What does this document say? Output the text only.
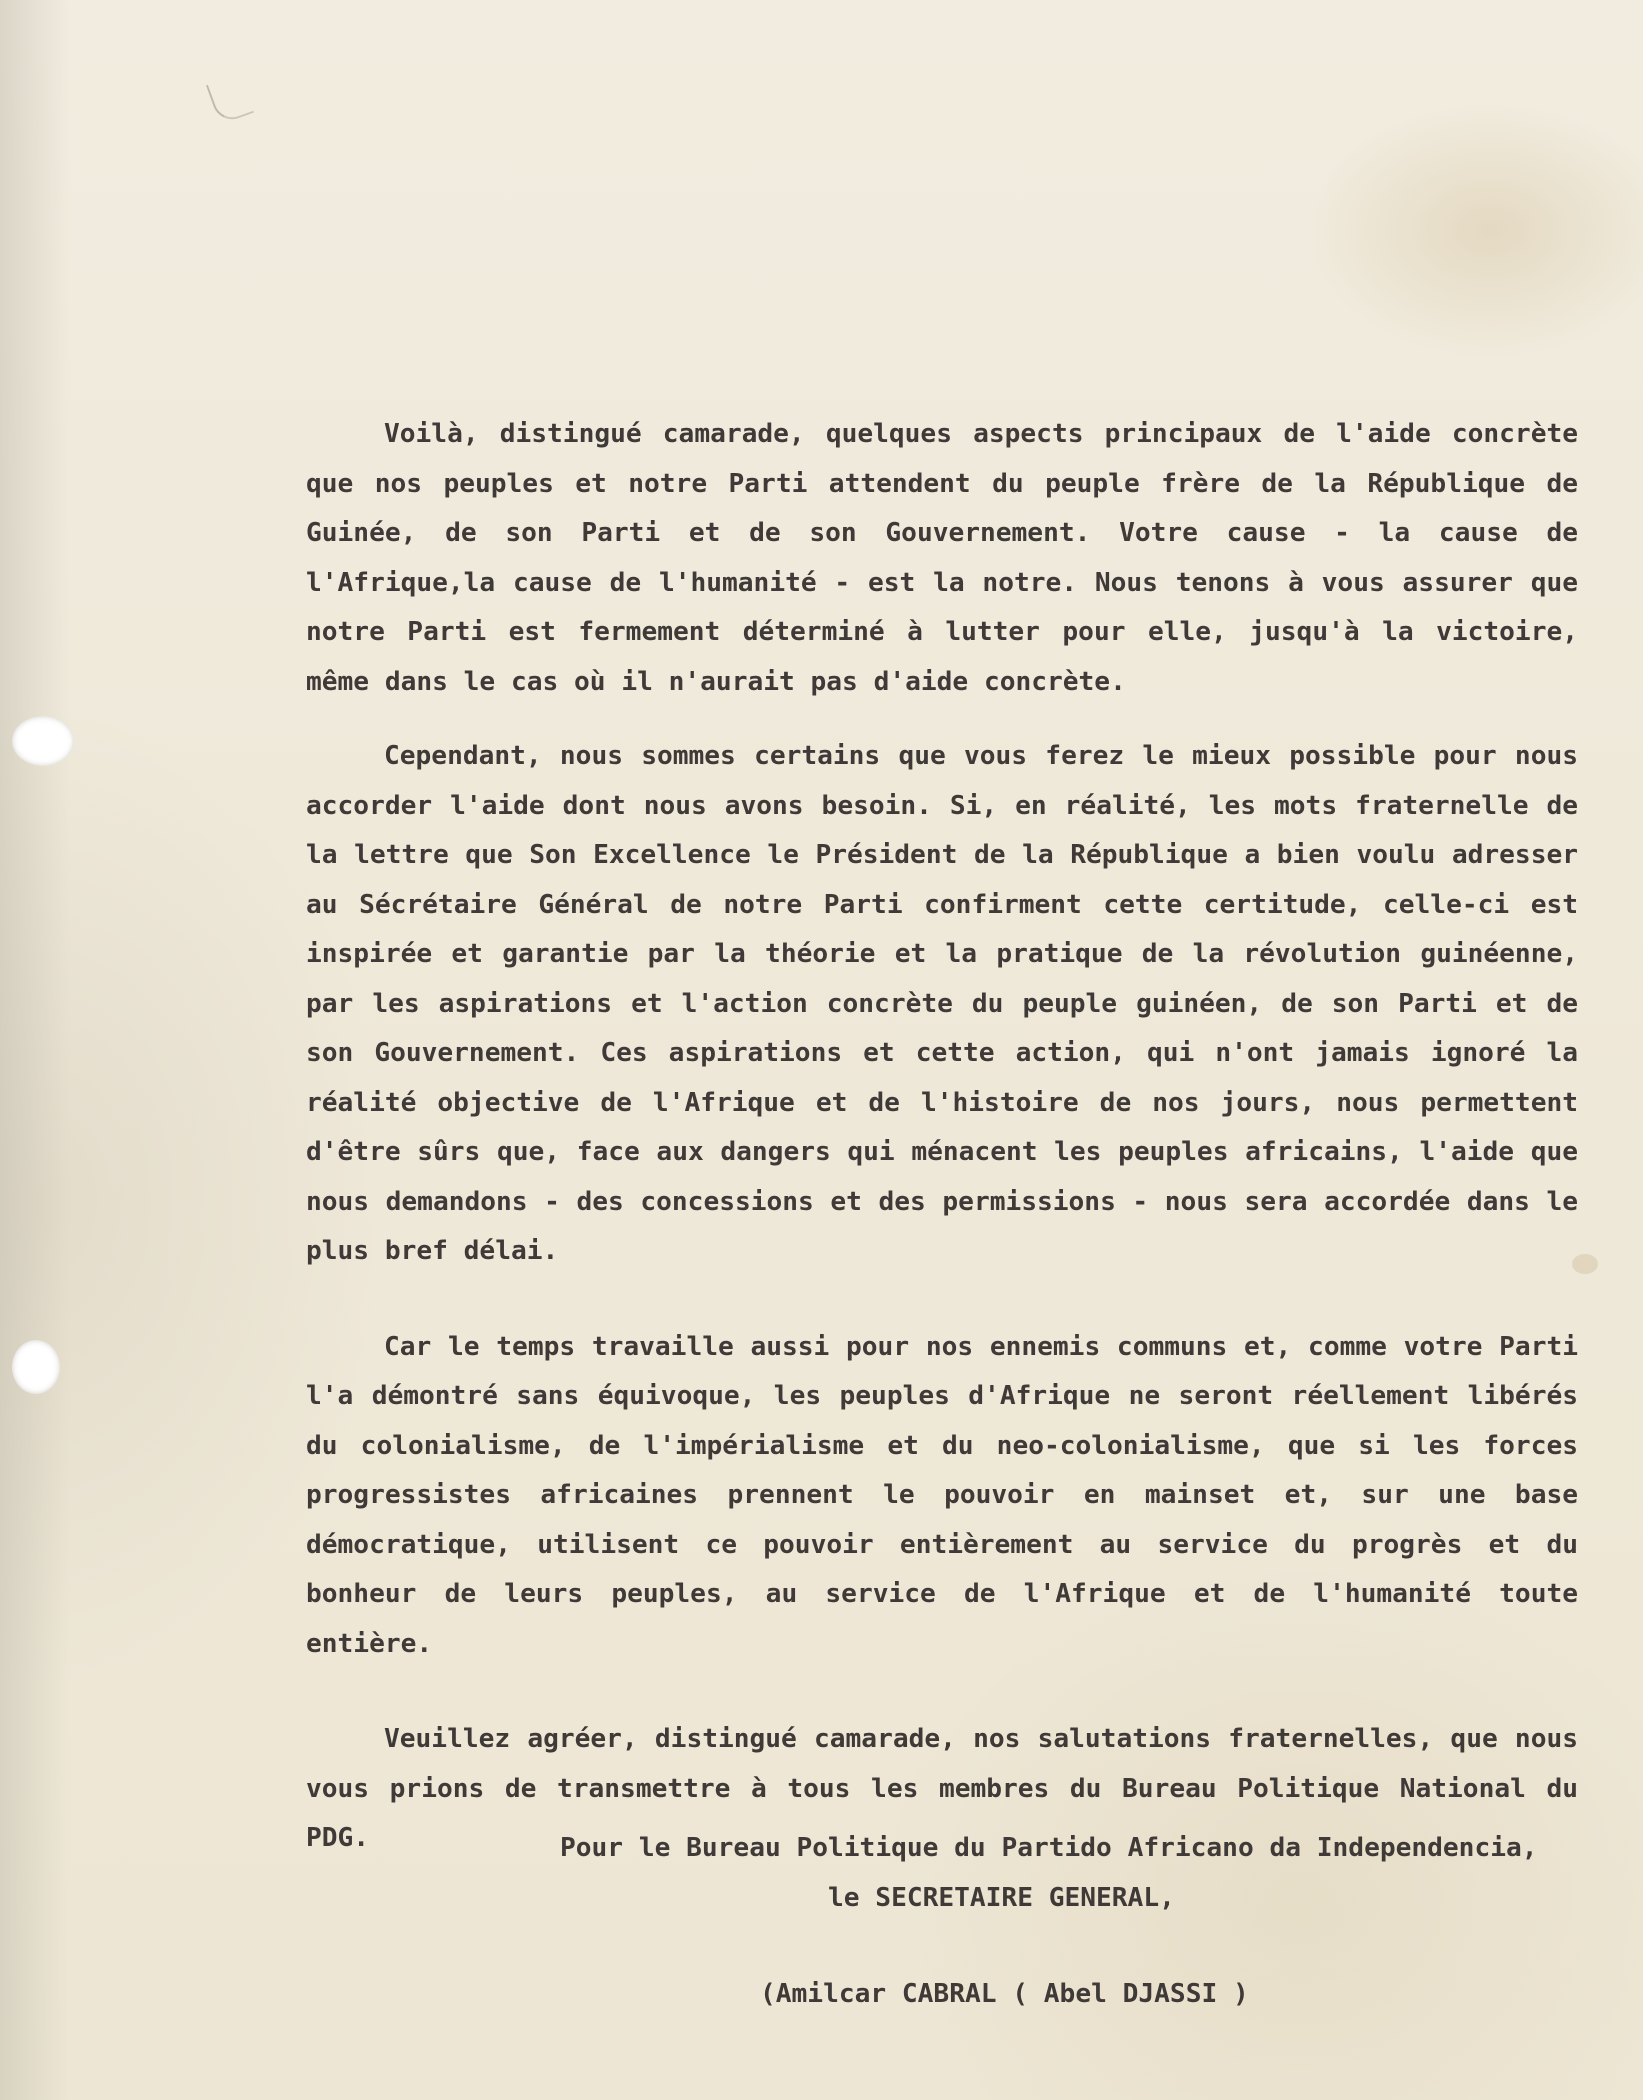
Voilà, distingué camarade, quelques aspects principaux de l'aide concrète que nos peuples et notre Parti attendent du peuple frère de la République de Guinée, de son Parti et de son Gouvernement. Votre cause - la cause de l'Afrique,la cause de l'humanité - est la notre. Nous tenons à vous assurer que notre Parti est fermement déterminé à lutter pour elle, jusqu'à la victoire, même dans le cas où il n'aurait pas d'aide concrète.

Cependant, nous sommes certains que vous ferez le mieux possible pour nous accorder l'aide dont nous avons besoin. Si, en réalité, les mots fraternelle de la lettre que Son Excellence le Président de la République a bien voulu adresser au Sécrétaire Général de notre Parti confirment cette certitude, celle-ci est inspirée et garantie par la théorie et la pratique de la révolution guinéenne, par les aspirations et l'action concrète du peuple guinéen, de son Parti et de son Gouvernement. Ces aspirations et cette action, qui n'ont jamais ignoré la réalité objective de l'Afrique et de l'histoire de nos jours, nous permettent d'être sûrs que, face aux dangers qui ménacent les peuples africains, l'aide que nous demandons - des concessions et des permissions - nous sera accordée dans le plus bref délai.

Car le temps travaille aussi pour nos ennemis communs et, comme votre Parti l'a démontré sans équivoque, les peuples d'Afrique ne seront réellement libérés du colonialisme, de l'impérialisme et du neo-colonialisme, que si les forces progressistes africaines prennent le pouvoir en mainset et, sur une base démocratique, utilisent ce pouvoir entièrement au service du progrès et du bonheur de leurs peuples, au service de l'Afrique et de l'humanité toute entière.

Veuillez agréer, distingué camarade, nos salutations fraternelles, que nous vous prions de transmettre à tous les membres du Bureau Politique National du PDG.	Pour le Bureau Politique du Partido Africano da Independencia,
le SECRETAIRE GENERAL,
(Amilcar CABRAL ( Abel DJASSI )
